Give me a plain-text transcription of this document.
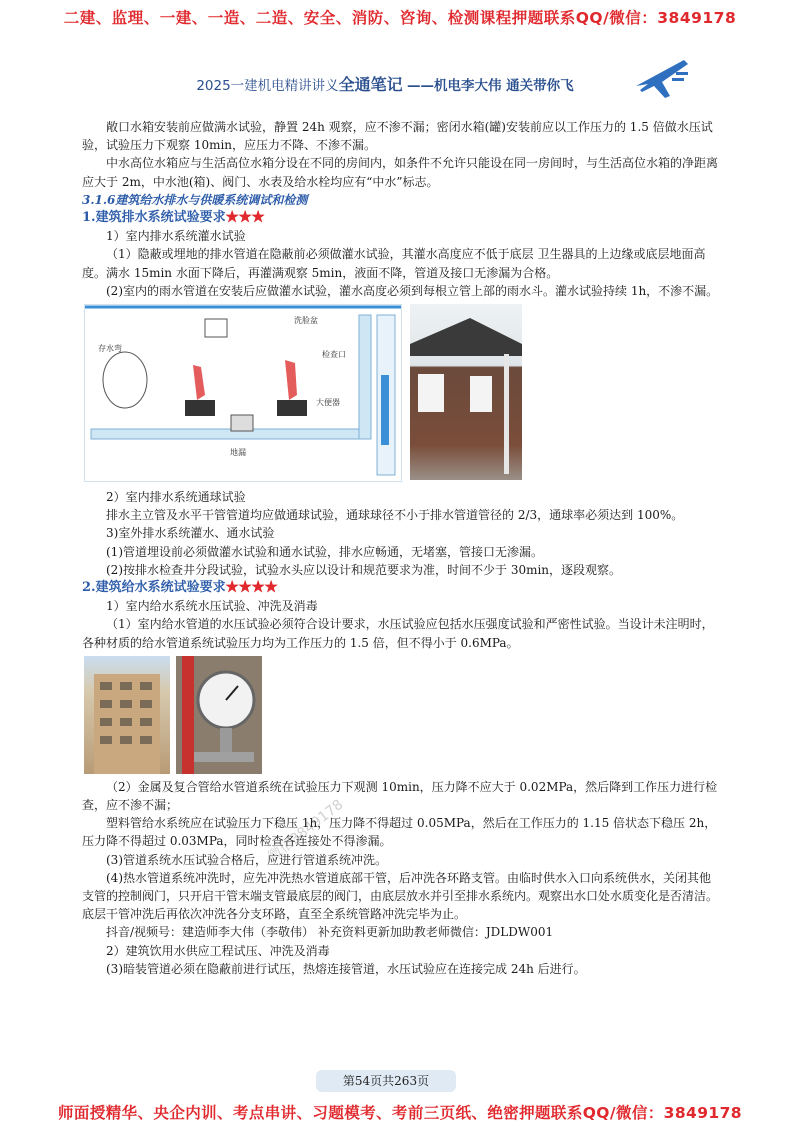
二建、监理、一建、一造、二造、安全、消防、咨询、检测课程押题联系QQ/微信：3849178
2025一建机电精讲讲义全通笔记 ——机电李大伟 通关带你飞

敞口水箱安装前应做满水试验，静置 24h 观察，应不渗不漏；密闭水箱(罐)安装前应以工作压力的 1.5 倍做水压试验，试验压力下观察 10min，应压力不降、不渗不漏。

中水高位水箱应与生活高位水箱分设在不同的房间内，如条件不允许只能设在同一房间时，与生活高位水箱的净距离应大于 2m，中水池(箱)、阀门、水表及给水栓均应有“中水”标志。

3.1.6建筑给水排水与供暖系统调试和检测

1.建筑排水系统试验要求★★★

1）室内排水系统灌水试验

（1）隐蔽或埋地的排水管道在隐蔽前必须做灌水试验，其灌水高度应不低于底层 卫生器具的上边缘或底层地面高度。满水 15min 水面下降后，再灌满观察 5min，液面不降，管道及接口无渗漏为合格。

(2)室内的雨水管道在安装后应做灌水试验，灌水高度必须到每根立管上部的雨水斗。灌水试验持续 1h，不渗不漏。

存水弯
洗脸盆
检查口
大便器
地漏

2）室内排水系统通球试验

排水主立管及水平干管管道均应做通球试验，通球球径不小于排水管道管径的 2/3，通球率必须达到 100%。

3)室外排水系统灌水、通水试验

(1)管道埋设前必须做灌水试验和通水试验，排水应畅通，无堵塞，管接口无渗漏。

(2)按排水检查井分段试验，试验水头应以设计和规范要求为准，时间不少于 30min，逐段观察。

2.建筑给水系统试验要求★★★★

1）室内给水系统水压试验、冲洗及消毒

（1）室内给水管道的水压试验必须符合设计要求，水压试验应包括水压强度试验和严密性试验。当设计未注明时，各种材质的给水管道系统试验压力均为工作压力的 1.5 倍，但不得小于 0.6MPa。

（2）金属及复合管给水管道系统在试验压力下观测 10min，压力降不应大于 0.02MPa，然后降到工作压力进行检查，应不渗不漏；

塑料管给水系统应在试验压力下稳压 1h，压力降不得超过 0.05MPa，然后在工作压力的 1.15 倍状态下稳压 2h，压力降不得超过 0.03MPa，同时检查各连接处不得渗漏。

(3)管道系统水压试验合格后，应进行管道系统冲洗。

(4)热水管道系统冲洗时，应先冲洗热水管道底部干管，后冲洗各环路支管。由临时供水入口向系统供水，关闭其他支管的控制阀门，只开启干管末端支管最底层的阀门，由底层放水并引至排水系统内。观察出水口处水质变化是否清洁。底层干管冲洗后再依次冲洗各分支环路，直至全系统管路冲洗完毕为止。

抖音/视频号：建造师李大伟（李敬伟） 补充资料更新加助教老师微信：JDLDW001

2）建筑饮用水供应工程试压、冲洗及消毒

(3)暗装管道必须在隐蔽前进行试压，热熔连接管道，水压试验应在连接完成 24h 后进行。

微信3849178
第54页共263页
师面授精华、央企内训、考点串讲、习题模考、考前三页纸、绝密押题联系QQ/微信：3849178
